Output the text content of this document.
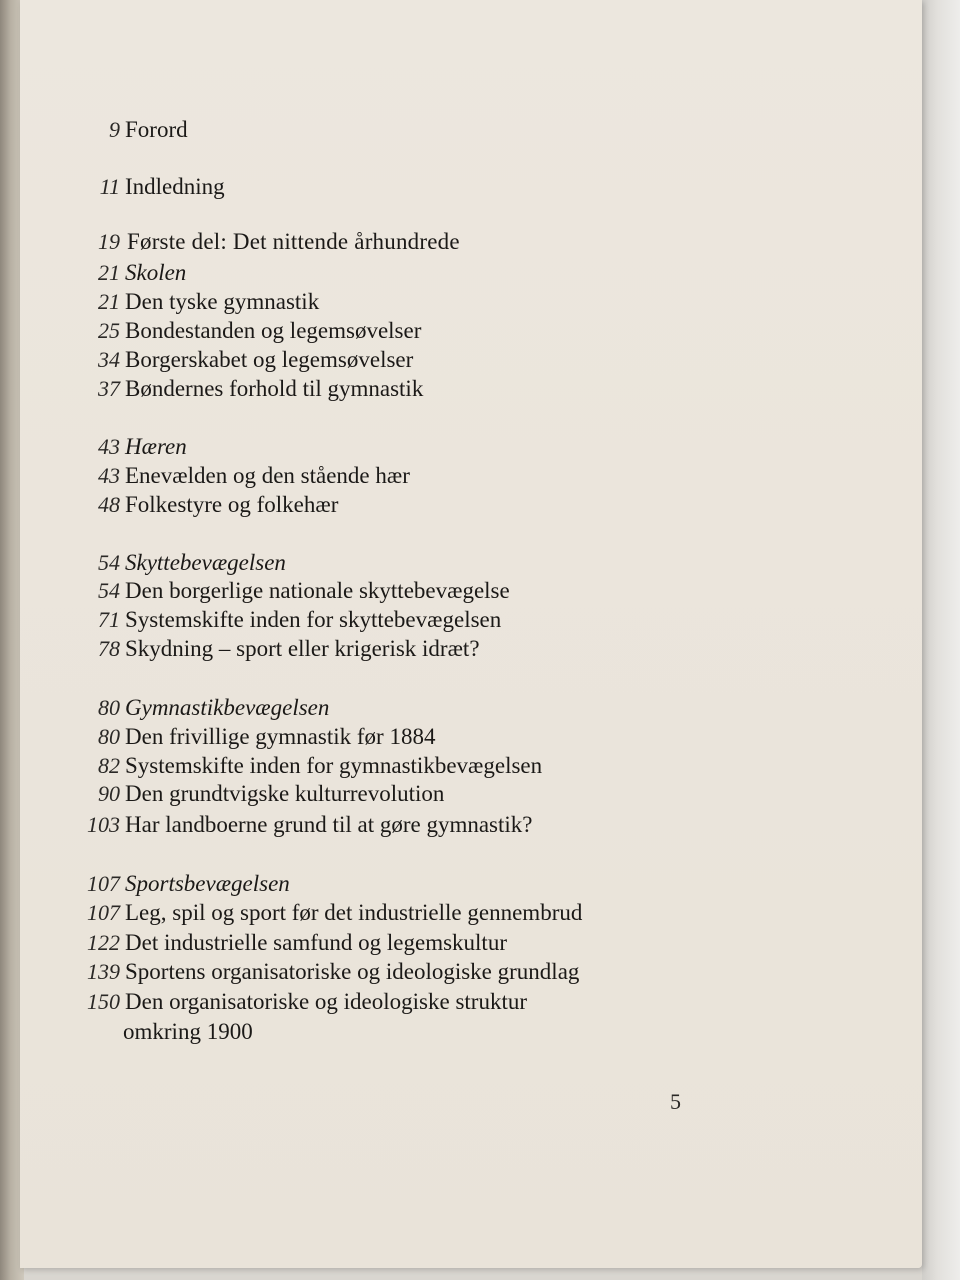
9 Forord
11 Indledning
19 Første del: Det nittende århundrede
21 Skolen
21 Den tyske gymnastik
25 Bondestanden og legemsøvelser
34 Borgerskabet og legemsøvelser
37 Bøndernes forhold til gymnastik
43 Hæren
43 Enevælden og den stående hær
48 Folkestyre og folkehær
54 Skyttebevægelsen
54 Den borgerlige nationale skyttebevægelse
71 Systemskifte inden for skyttebevægelsen
78 Skydning – sport eller krigerisk idræt?
80 Gymnastikbevægelsen
80 Den frivillige gymnastik før 1884
82 Systemskifte inden for gymnastikbevægelsen
90 Den grundtvigske kulturrevolution
103 Har landboerne grund til at gøre gymnastik?
107 Sportsbevægelsen
107 Leg, spil og sport før det industrielle gennembrud
122 Det industrielle samfund og legemskultur
139 Sportens organisatoriske og ideologiske grundlag
150 Den organisatoriske og ideologiske struktur
omkring 1900
5
